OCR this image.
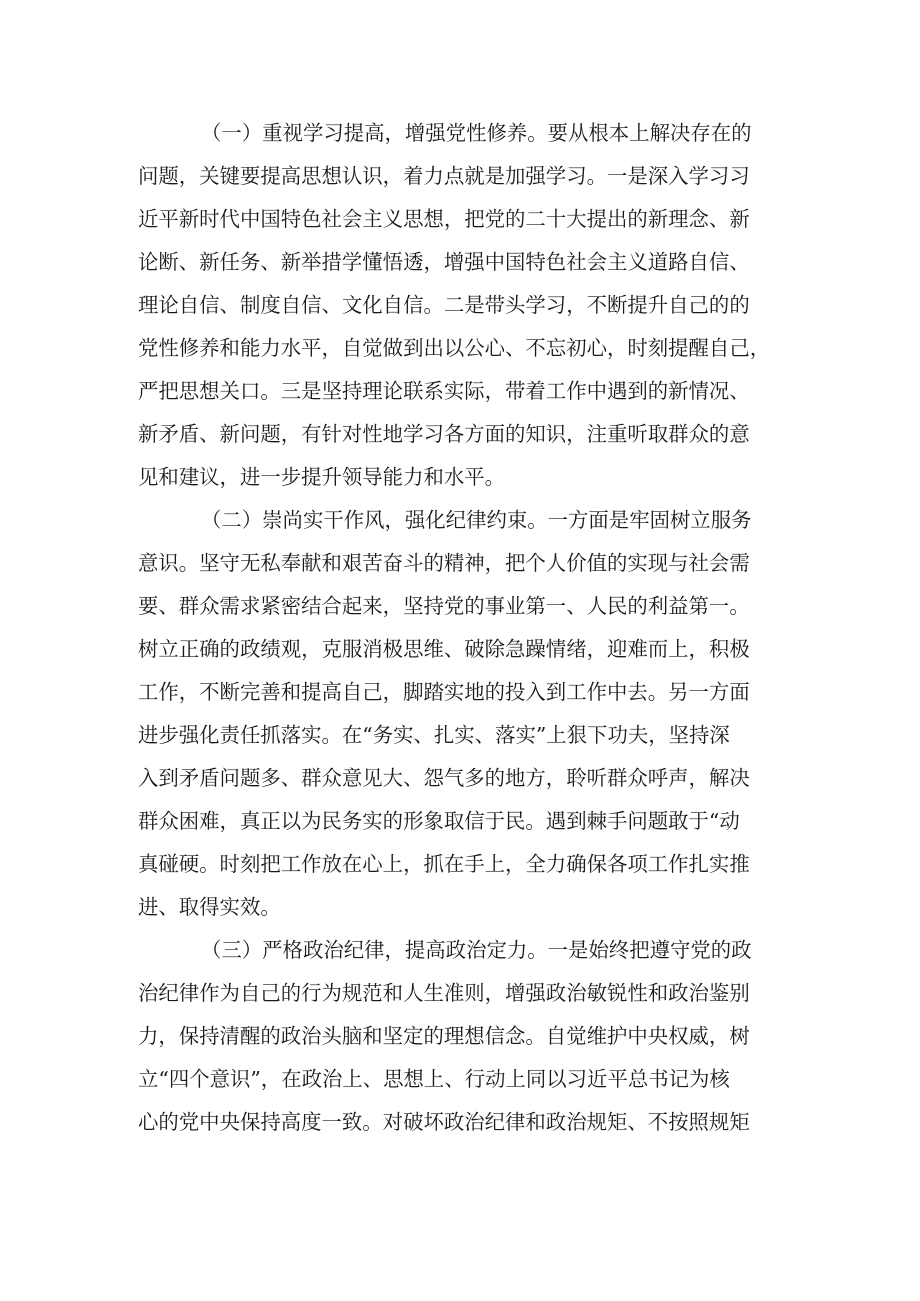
（一）重视学习提高，增强党性修养。要从根本上解决存在的
问题，关键要提高思想认识，着力点就是加强学习。一是深入学习习
近平新时代中国特色社会主义思想，把党的二十大提出的新理念、新
论断、新任务、新举措学懂悟透，增强中国特色社会主义道路自信、
理论自信、制度自信、文化自信。二是带头学习，不断提升自己的的
党性修养和能力水平，自觉做到出以公心、不忘初心，时刻提醒自己，
严把思想关口。三是坚持理论联系实际，带着工作中遇到的新情况、
新矛盾、新问题，有针对性地学习各方面的知识，注重听取群众的意
见和建议，进一步提升领导能力和水平。
（二）崇尚实干作风，强化纪律约束。一方面是牢固树立服务
意识。坚守无私奉献和艰苦奋斗的精神，把个人价值的实现与社会需
要、群众需求紧密结合起来，坚持党的事业第一、人民的利益第一。
树立正确的政绩观，克服消极思维、破除急躁情绪，迎难而上，积极
工作，不断完善和提高自己，脚踏实地的投入到工作中去。另一方面
进步强化责任抓落实。在“务实、扎实、落实”上狠下功夫，坚持深
入到矛盾问题多、群众意见大、怨气多的地方，聆听群众呼声，解决
群众困难，真正以为民务实的形象取信于民。遇到棘手问题敢于“动
真碰硬。时刻把工作放在心上，抓在手上，全力确保各项工作扎实推
进、取得实效。
（三）严格政治纪律，提高政治定力。一是始终把遵守党的政
治纪律作为自己的行为规范和人生准则，增强政治敏锐性和政治鉴别
力，保持清醒的政治头脑和坚定的理想信念。自觉维护中央权威，树
立“四个意识”，在政治上、思想上、行动上同以习近平总书记为核
心的党中央保持高度一致。对破坏政治纪律和政治规矩、不按照规矩
